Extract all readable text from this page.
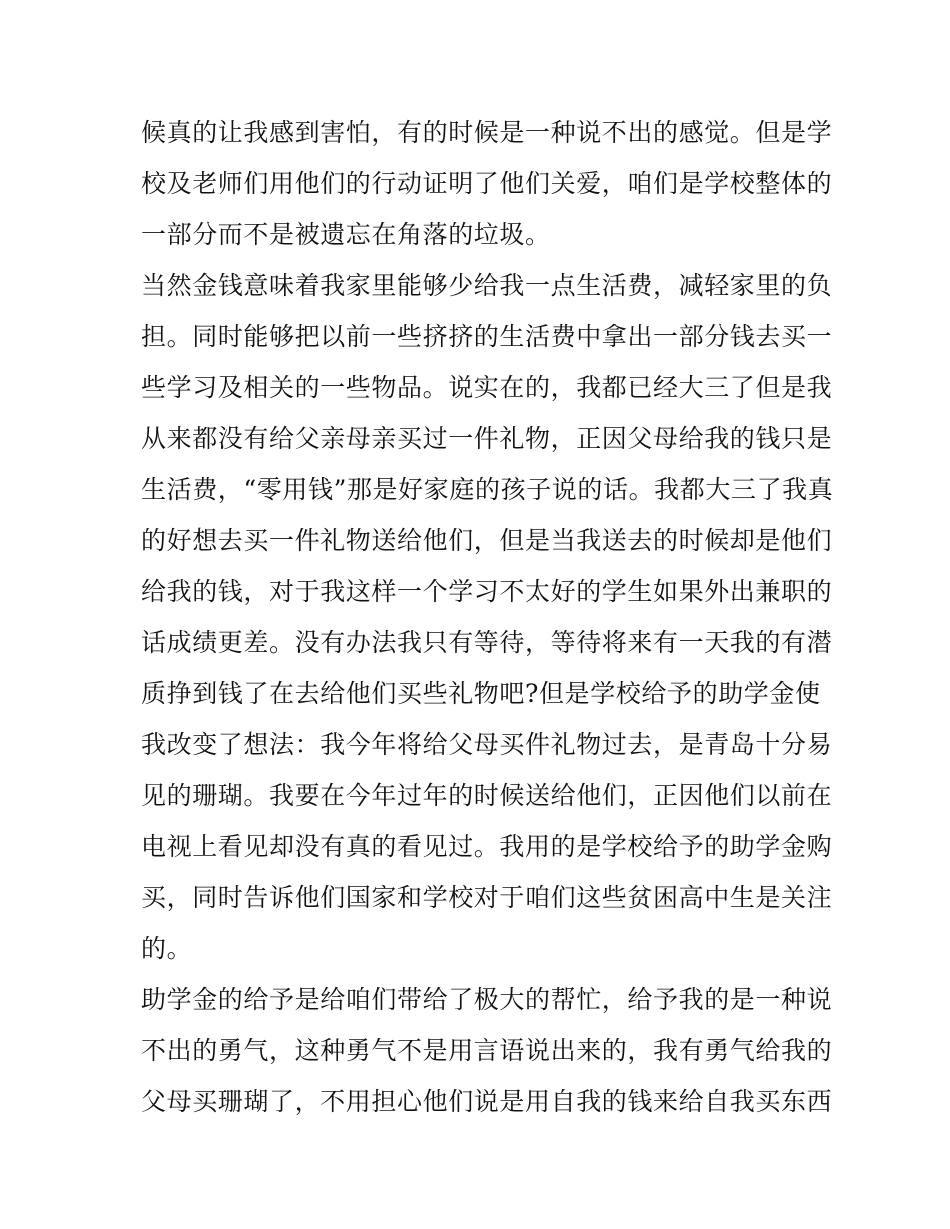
候真的让我感到害怕，有的时候是一种说不出的感觉。但是学
校及老师们用他们的行动证明了他们关爱，咱们是学校整体的
一部分而不是被遗忘在角落的垃圾。
当然金钱意味着我家里能够少给我一点生活费，减轻家里的负
担。同时能够把以前一些挤挤的生活费中拿出一部分钱去买一
些学习及相关的一些物品。说实在的，我都已经大三了但是我
从来都没有给父亲母亲买过一件礼物，正因父母给我的钱只是
生活费，“零用钱”那是好家庭的孩子说的话。我都大三了我真
的好想去买一件礼物送给他们，但是当我送去的时候却是他们
给我的钱，对于我这样一个学习不太好的学生如果外出兼职的
话成绩更差。没有办法我只有等待，等待将来有一天我的有潜
质挣到钱了在去给他们买些礼物吧?但是学校给予的助学金使
我改变了想法：我今年将给父母买件礼物过去，是青岛十分易
见的珊瑚。我要在今年过年的时候送给他们，正因他们以前在
电视上看见却没有真的看见过。我用的是学校给予的助学金购
买，同时告诉他们国家和学校对于咱们这些贫困高中生是关注
的。
助学金的给予是给咱们带给了极大的帮忙，给予我的是一种说
不出的勇气，这种勇气不是用言语说出来的，我有勇气给我的
父母买珊瑚了，不用担心他们说是用自我的钱来给自我买东西
